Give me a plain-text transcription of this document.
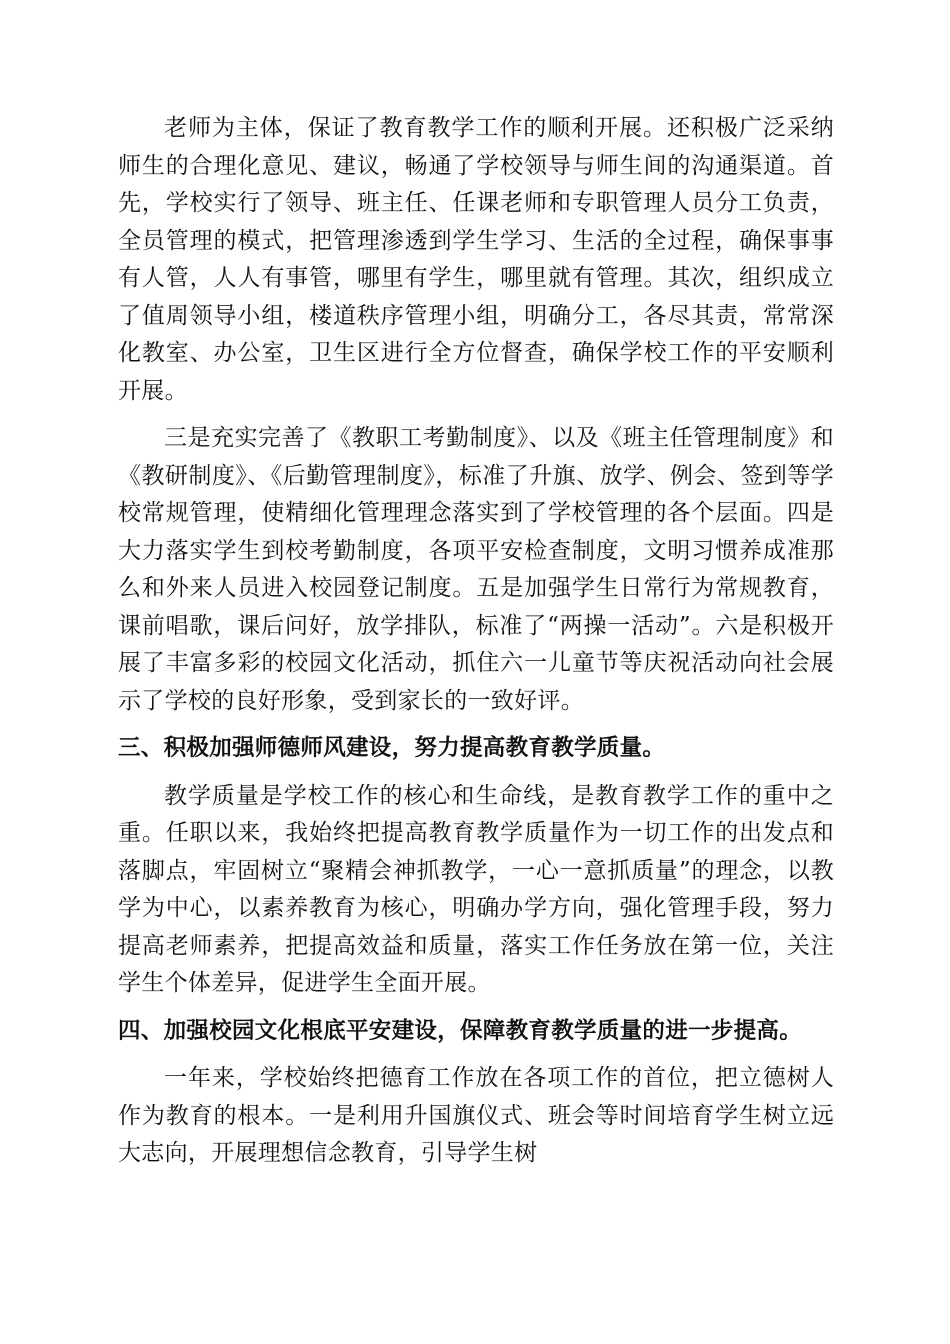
老师为主体，保证了教育教学工作的顺利开展。还积极广泛采纳师生的合理化意见、建议，畅通了学校领导与师生间的沟通渠道。首先，学校实行了领导、班主任、任课老师和专职管理人员分工负责，全员管理的模式，把管理渗透到学生学习、生活的全过程，确保事事有人管，人人有事管，哪里有学生，哪里就有管理。其次，组织成立了值周领导小组，楼道秩序管理小组，明确分工，各尽其责，常常深化教室、办公室，卫生区进行全方位督查，确保学校工作的平安顺利开展。

三是充实完善了《教职工考勤制度》、以及《班主任管理制度》和《教研制度》、《后勤管理制度》，标准了升旗、放学、例会、签到等学校常规管理，使精细化管理理念落实到了学校管理的各个层面。四是大力落实学生到校考勤制度，各项平安检查制度，文明习惯养成准那么和外来人员进入校园登记制度。五是加强学生日常行为常规教育，课前唱歌，课后问好，放学排队，标准了“两操一活动”。六是积极开展了丰富多彩的校园文化活动，抓住六一儿童节等庆祝活动向社会展示了学校的良好形象，受到家长的一致好评。

三、积极加强师德师风建设，努力提高教育教学质量。

教学质量是学校工作的核心和生命线，是教育教学工作的重中之重。任职以来，我始终把提高教育教学质量作为一切工作的出发点和落脚点，牢固树立“聚精会神抓教学，一心一意抓质量”的理念，以教学为中心，以素养教育为核心，明确办学方向，强化管理手段，努力提高老师素养，把提高效益和质量，落实工作任务放在第一位，关注学生个体差异，促进学生全面开展。

四、加强校园文化根底平安建设，保障教育教学质量的进一步提高。

一年来，学校始终把德育工作放在各项工作的首位，把立德树人作为教育的根本。一是利用升国旗仪式、班会等时间培育学生树立远大志向，开展理想信念教育，引导学生树
